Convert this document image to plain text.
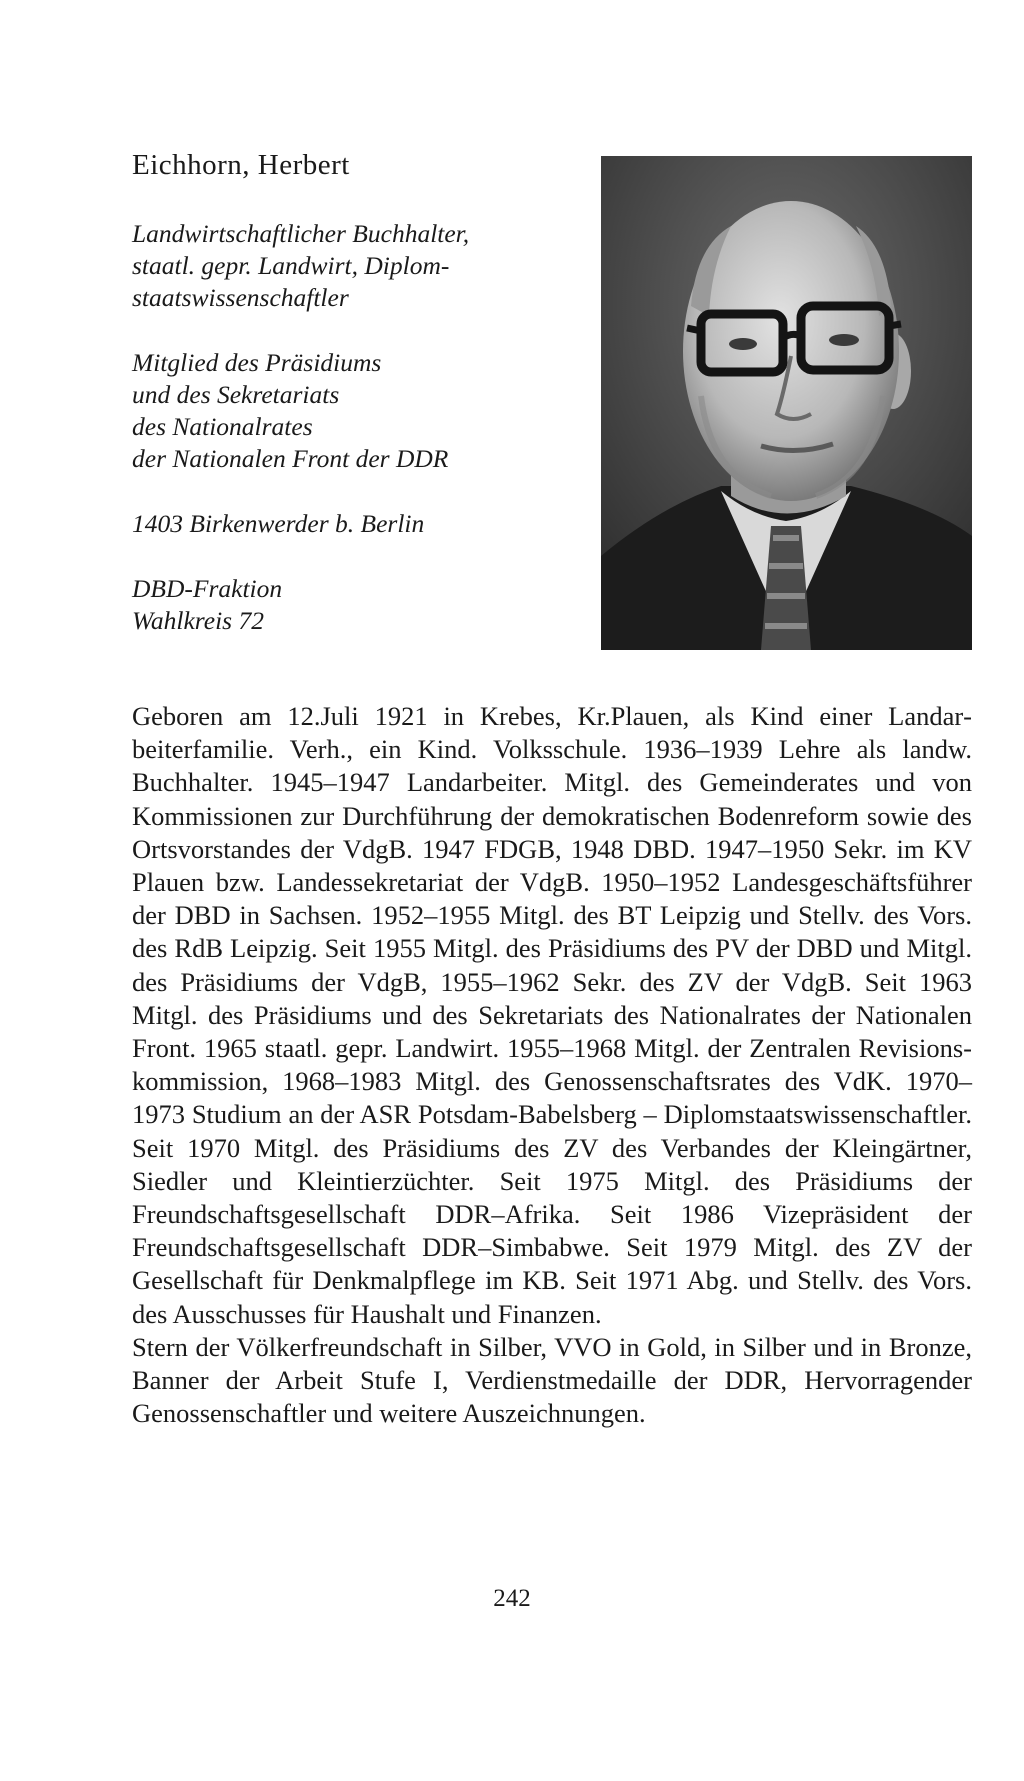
Eichhorn, Herbert

Landwirtschaftlicher Buchhalter,

staatl. gepr. Landwirt, Diplom-

staatswissenschaftler

Mitglied des Präsidiums

und des Sekretariats

des Nationalrates

der Nationalen Front der DDR

1403 Birkenwerder b. Berlin

DBD-Fraktion

Wahlkreis 72

Geboren am 12.Juli 1921 in Krebes, Kr.Plauen, als Kind einer Landarbeiterfamilie. Verh., ein Kind. Volksschule. 1936–1939 Lehre als landw. Buchhalter. 1945–1947 Landarbeiter. Mitgl. des Gemeinderates und von Kommissionen zur Durchführung der demokratischen Bodenreform sowie des Ortsvorstandes der VdgB. 1947 FDGB, 1948 DBD. 1947–1950 Sekr. im KV Plauen bzw. Landessekretariat der VdgB. 1950–1952 Landesgeschäftsführer der DBD in Sachsen. 1952–1955 Mitgl. des BT Leipzig und Stellv. des Vors. des RdB Leipzig. Seit 1955 Mitgl. des Präsidiums des PV der DBD und Mitgl. des Präsidiums der VdgB, 1955–1962 Sekr. des ZV der VdgB. Seit 1963 Mitgl. des Präsidiums und des Sekretariats des Nationalrates der Nationalen Front. 1965 staatl. gepr. Landwirt. 1955–1968 Mitgl. der Zentralen Revisionskommission, 1968–1983 Mitgl. des Genossenschaftsrates des VdK. 1970–1973 Studium an der ASR Potsdam-Babelsberg – Diplomstaatswissenschaftler. Seit 1970 Mitgl. des Präsidiums des ZV des Verbandes der Kleingärtner, Siedler und Kleintierzüchter. Seit 1975 Mitgl. des Präsidiums der Freundschaftsgesellschaft DDR–Afrika. Seit 1986 Vizepräsident der Freundschaftsgesellschaft DDR–Simbabwe. Seit 1979 Mitgl. des ZV der Gesellschaft für Denkmalpflege im KB. Seit 1971 Abg. und Stellv. des Vors. des Ausschusses für Haushalt und Finanzen.

Stern der Völkerfreundschaft in Silber, VVO in Gold, in Silber und in Bronze, Banner der Arbeit Stufe I, Verdienstmedaille der DDR, Hervorragender Genossenschaftler und weitere Auszeichnungen.

242
